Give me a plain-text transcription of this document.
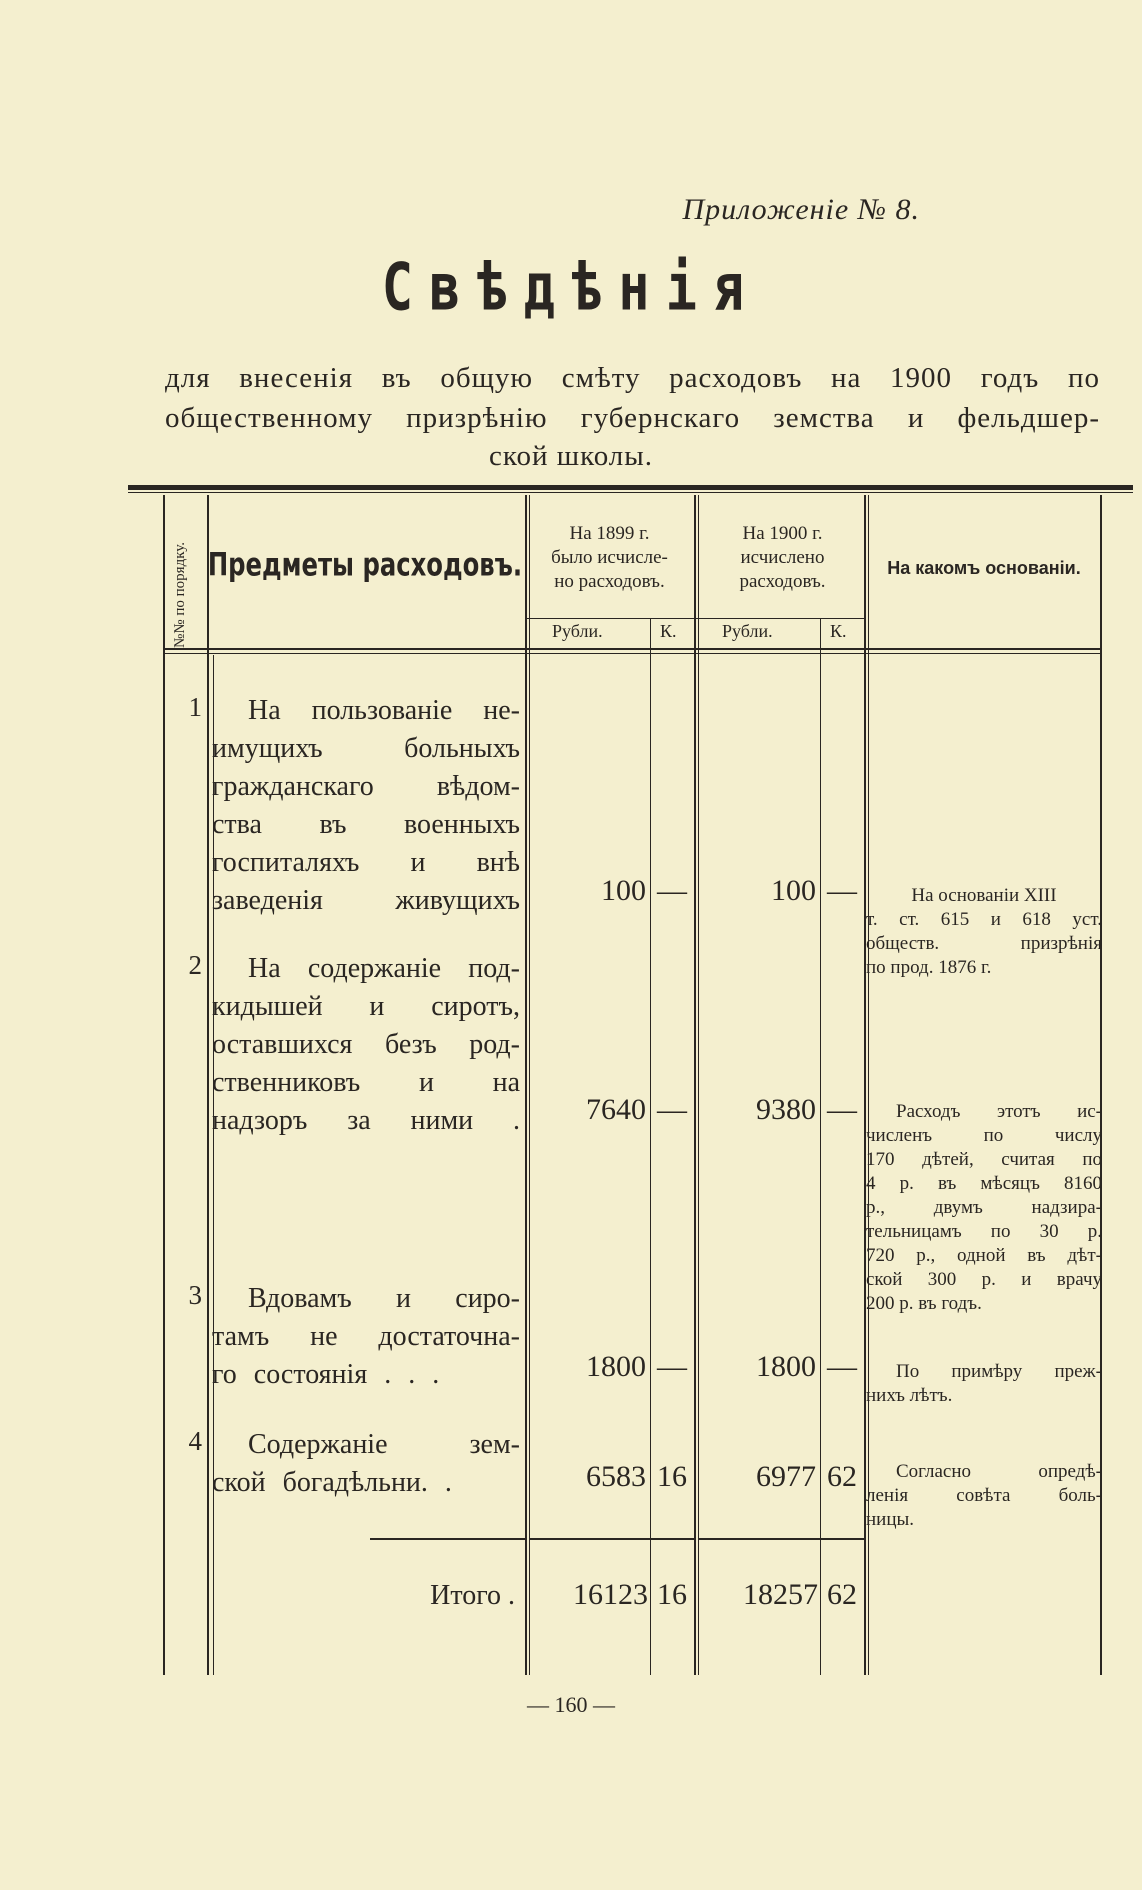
Приложеніе № 8.
Свѣдѣнія
для внесенія въ общую смѣту расходовъ на 1900 годъ по
общественному призрѣнію губернскаго земства и фельдшер-
ской школы.
№№ по порядку. Предметы расходовъ.
На 1899 г.
было исчисле-
но расходовъ.
На 1900 г.
исчислено
расходовъ.
На какомъ основаніи.
Рубли.	К.	Рубли.	К.
1	На пользованіе не-
имущихъ больныхъ
гражданскаго вѣдом-
ства въ военныхъ
госпиталяхъ и внѣ
заведенія живущихъ	100 —	100 —	На основаніи XIII
т. ст. 615 и 618 уст.
обществ. призрѣнія
по прод. 1876 г.
2	На содержаніе под-
кидышей и сиротъ,
оставшихся безъ род-
ственниковъ и на
надзоръ за ними .	7640 —	9380 —	Расходъ этотъ ис-
численъ по числу
170 дѣтей, считая по
4 р. въ мѣсяцъ 8160
р., двумъ надзира-
тельницамъ по 30 р.
720 р., одной въ дѣт-
ской 300 р. и врачу
200 р. въ годъ.
3	Вдовамъ и сиро-
тамъ не достаточна-
го состоянія . . .	1800 —	1800 —	По примѣру преж-
нихъ лѣтъ.
4	Содержаніе зем-
ской богадѣльни. .	6583 16	6977 62	Согласно опредѣ-
ленія совѣта боль-
ницы.
Итого .	16123 16	18257 62
— 160 —
